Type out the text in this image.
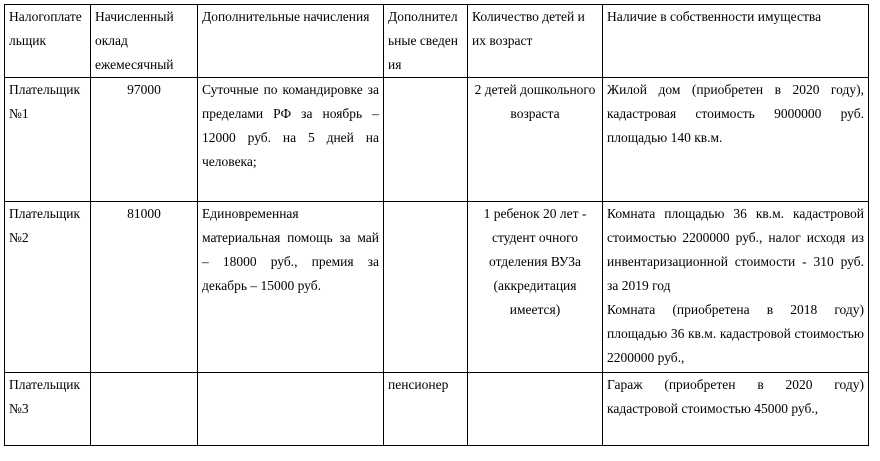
Налогоплательщик	Начисленный оклад ежемесячный	Дополнительные начисления	Дополнительные сведения	Количество детей и их возраст	Наличие в собственности имущества
Плательщик №1	97000	Суточные по командировке за пределами РФ за ноябрь – 12000 руб. на 5 дней на человека;		2 детей дошкольного возраста	Жилой дом (приобретен в 2020 году), кадастровая стоимость 9000000 руб. площадью 140 кв.м.

Плательщик №2	81000	Единовременная материальная помощь за май – 18000 руб., премия за декабрь – 15000 руб.		1 ребенок 20 лет - студент очного отделения ВУЗа (аккредитация имеется)	Комната площадью 36 кв.м. кадастровой стоимостью 2200000 руб., налог исходя из инвентаризационной стоимости - 310 руб. за 2019 год
Комната (приобретена в 2018 году) площадью 36 кв.м. кадастровой стоимостью 2200000 руб.,

Плательщик №3			пенсионер		Гараж (приобретен в 2020 году) кадастровой стоимостью 45000 руб.,
